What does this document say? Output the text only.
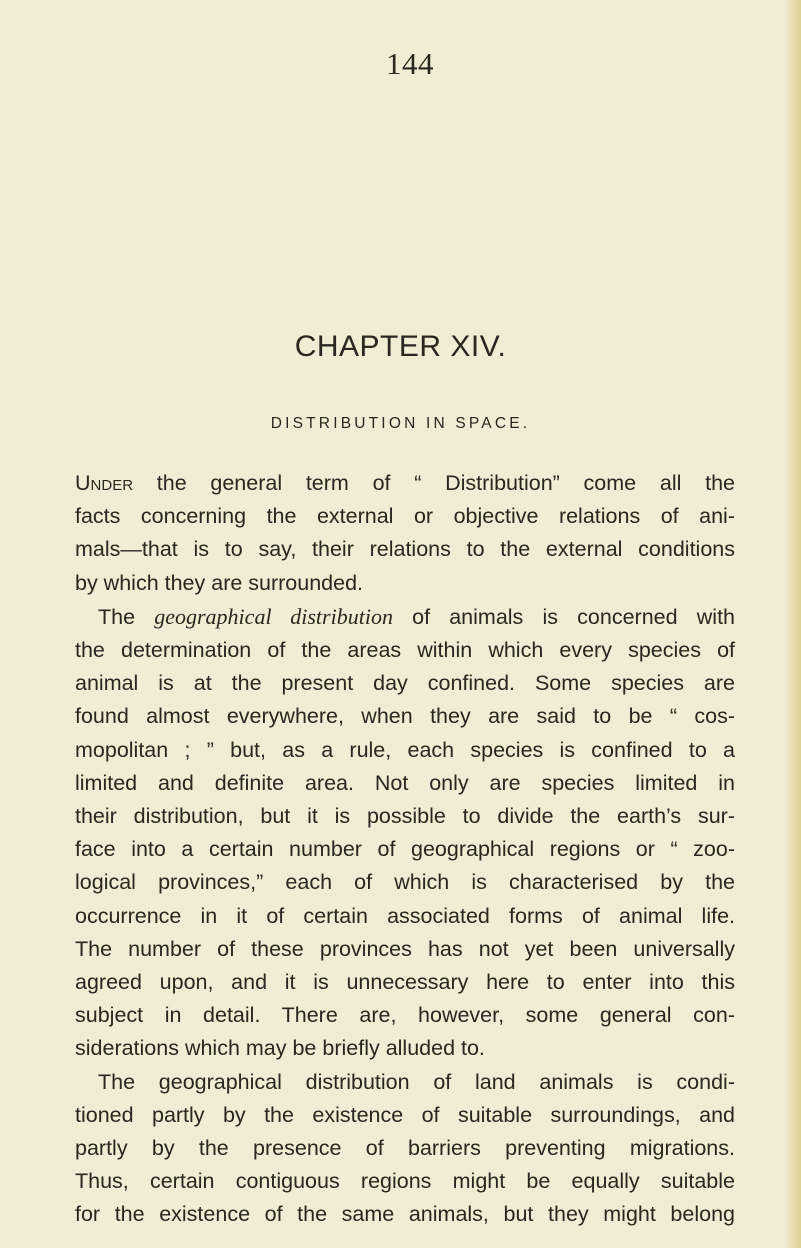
144
CHAPTER XIV.
DISTRIBUTION IN SPACE.
Under the general term of “ Distribution” come all the
facts concerning the external or objective relations of ani-
mals—that is to say, their relations to the external conditions
by which they are surrounded.
The geographical distribution of animals is concerned with
the determination of the areas within which every species of
animal is at the present day confined. Some species are
found almost everywhere, when they are said to be “ cos-
mopolitan ; ” but, as a rule, each species is confined to a
limited and definite area. Not only are species limited in
their distribution, but it is possible to divide the earth’s sur-
face into a certain number of geographical regions or “ zoo-
logical provinces,” each of which is characterised by the
occurrence in it of certain associated forms of animal life.
The number of these provinces has not yet been universally
agreed upon, and it is unnecessary here to enter into this
subject in detail. There are, however, some general con-
siderations which may be briefly alluded to.
The geographical distribution of land animals is condi-
tioned partly by the existence of suitable surroundings, and
partly by the presence of barriers preventing migrations.
Thus, certain contiguous regions might be equally suitable
for the existence of the same animals, but they might belong
